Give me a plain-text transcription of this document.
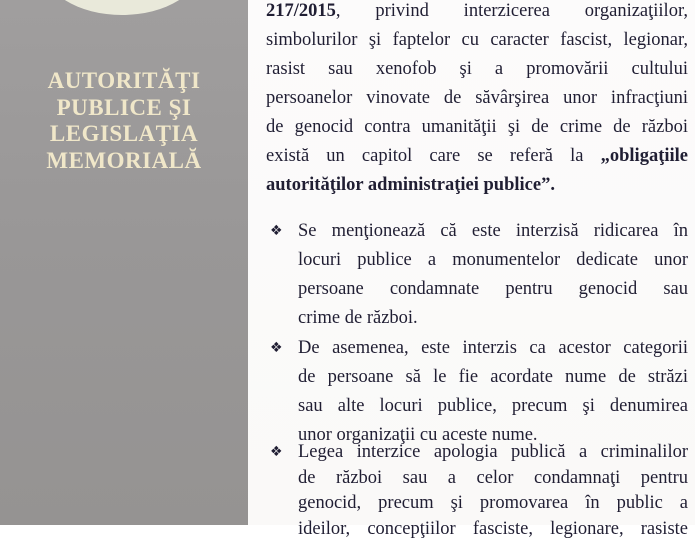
AUTORITĂŢI
PUBLICE ŞI
LEGISLAŢIA
MEMORIALĂ
217/2015, privind interzicerea organizaţiilor,
simbolurilor şi faptelor cu caracter fascist, legionar,
rasist sau xenofob şi a promovării cultului
persoanelor vinovate de săvârşirea unor infracţiuni
de genocid contra umanităţii şi de crime de război
există un capitol care se referă la „obligaţiile
autorităţilor administraţiei publice”.
❖ Se menţionează că este interzisă ridicarea în
locuri publice a monumentelor dedicate unor
persoane condamnate pentru genocid sau
crime de război.
❖ De asemenea, este interzis ca acestor categorii
de persoane să le fie acordate nume de străzi
sau alte locuri publice, precum şi denumirea
unor organizaţii cu aceste nume.
❖ Legea interzice apologia publică a criminalilor
de război sau a celor condamnaţi pentru
genocid, precum şi promovarea în public a
ideilor, concepţiilor fasciste, legionare, rasiste
